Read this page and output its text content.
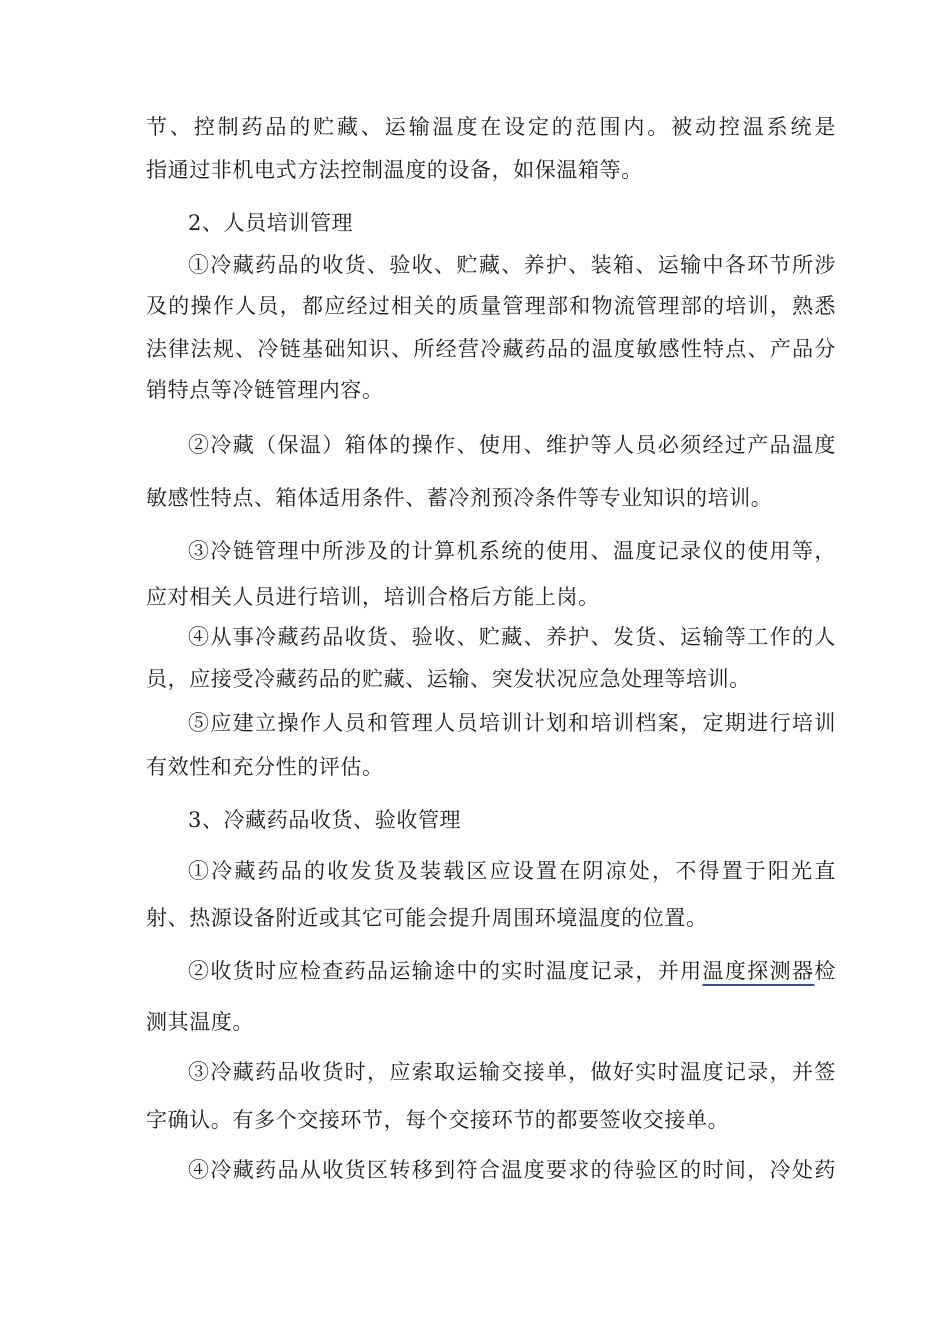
节、控制药品的贮藏、运输温度在设定的范围内。被动控温系统是
指通过非机电式方法控制温度的设备，如保温箱等。
2、人员培训管理
①冷藏药品的收货、验收、贮藏、养护、装箱、运输中各环节所涉
及的操作人员，都应经过相关的质量管理部和物流管理部的培训，熟悉
法律法规、冷链基础知识、所经营冷藏药品的温度敏感性特点、产品分
销特点等冷链管理内容。
②冷藏（保温）箱体的操作、使用、维护等人员必须经过产品温度
敏感性特点、箱体适用条件、蓄冷剂预冷条件等专业知识的培训。
③冷链管理中所涉及的计算机系统的使用、温度记录仪的使用等，
应对相关人员进行培训，培训合格后方能上岗。
④从事冷藏药品收货、验收、贮藏、养护、发货、运输等工作的人
员，应接受冷藏药品的贮藏、运输、突发状况应急处理等培训。
⑤应建立操作人员和管理人员培训计划和培训档案，定期进行培训
有效性和充分性的评估。
3、冷藏药品收货、验收管理
①冷藏药品的收发货及装载区应设置在阴凉处，不得置于阳光直
射、热源设备附近或其它可能会提升周围环境温度的位置。
②收货时应检查药品运输途中的实时温度记录，并用温度探测器检
测其温度。
③冷藏药品收货时，应索取运输交接单，做好实时温度记录，并签
字确认。有多个交接环节，每个交接环节的都要签收交接单。
④冷藏药品从收货区转移到符合温度要求的待验区的时间，冷处药
